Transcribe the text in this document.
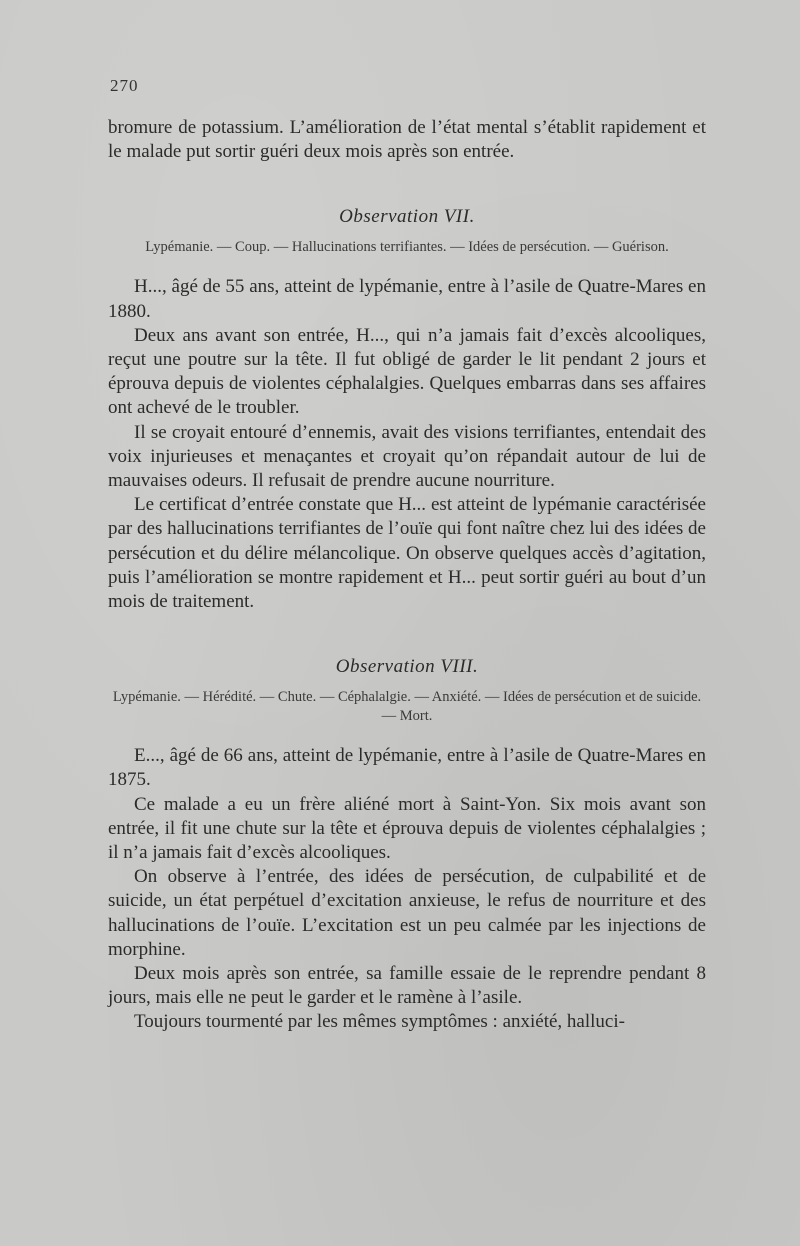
270

bromure de potassium. L’amélioration de l’état mental s’établit rapidement et le malade put sortir guéri deux mois après son entrée.

Observation VII.
Lypémanie. — Coup. — Hallucinations terrifiantes. — Idées de persécution. — Guérison.

H..., âgé de 55 ans, atteint de lypémanie, entre à l’asile de Quatre-Mares en 1880.

Deux ans avant son entrée, H..., qui n’a jamais fait d’excès alcooliques, reçut une poutre sur la tête. Il fut obligé de garder le lit pendant 2 jours et éprouva depuis de violentes céphalalgies. Quelques embarras dans ses affaires ont achevé de le troubler.

Il se croyait entouré d’ennemis, avait des visions terrifiantes, entendait des voix injurieuses et menaçantes et croyait qu’on répandait autour de lui de mauvaises odeurs. Il refusait de prendre aucune nourriture.

Le certificat d’entrée constate que H... est atteint de lypémanie caractérisée par des hallucinations terrifiantes de l’ouïe qui font naître chez lui des idées de persécution et du délire mélancolique. On observe quelques accès d’agitation, puis l’amélioration se montre rapidement et H... peut sortir guéri au bout d’un mois de traitement.

Observation VIII.
Lypémanie. — Hérédité. — Chute. — Céphalalgie. — Anxiété. — Idées de persécution et de suicide. — Mort.

E..., âgé de 66 ans, atteint de lypémanie, entre à l’asile de Quatre-Mares en 1875.

Ce malade a eu un frère aliéné mort à Saint-Yon. Six mois avant son entrée, il fit une chute sur la tête et éprouva depuis de violentes céphalalgies ; il n’a jamais fait d’excès alcooliques.

On observe à l’entrée, des idées de persécution, de culpabilité et de suicide, un état perpétuel d’excitation anxieuse, le refus de nourriture et des hallucinations de l’ouïe. L’excitation est un peu calmée par les injections de morphine.

Deux mois après son entrée, sa famille essaie de le reprendre pendant 8 jours, mais elle ne peut le garder et le ramène à l’asile.

Toujours tourmenté par les mêmes symptômes : anxiété, halluci-
